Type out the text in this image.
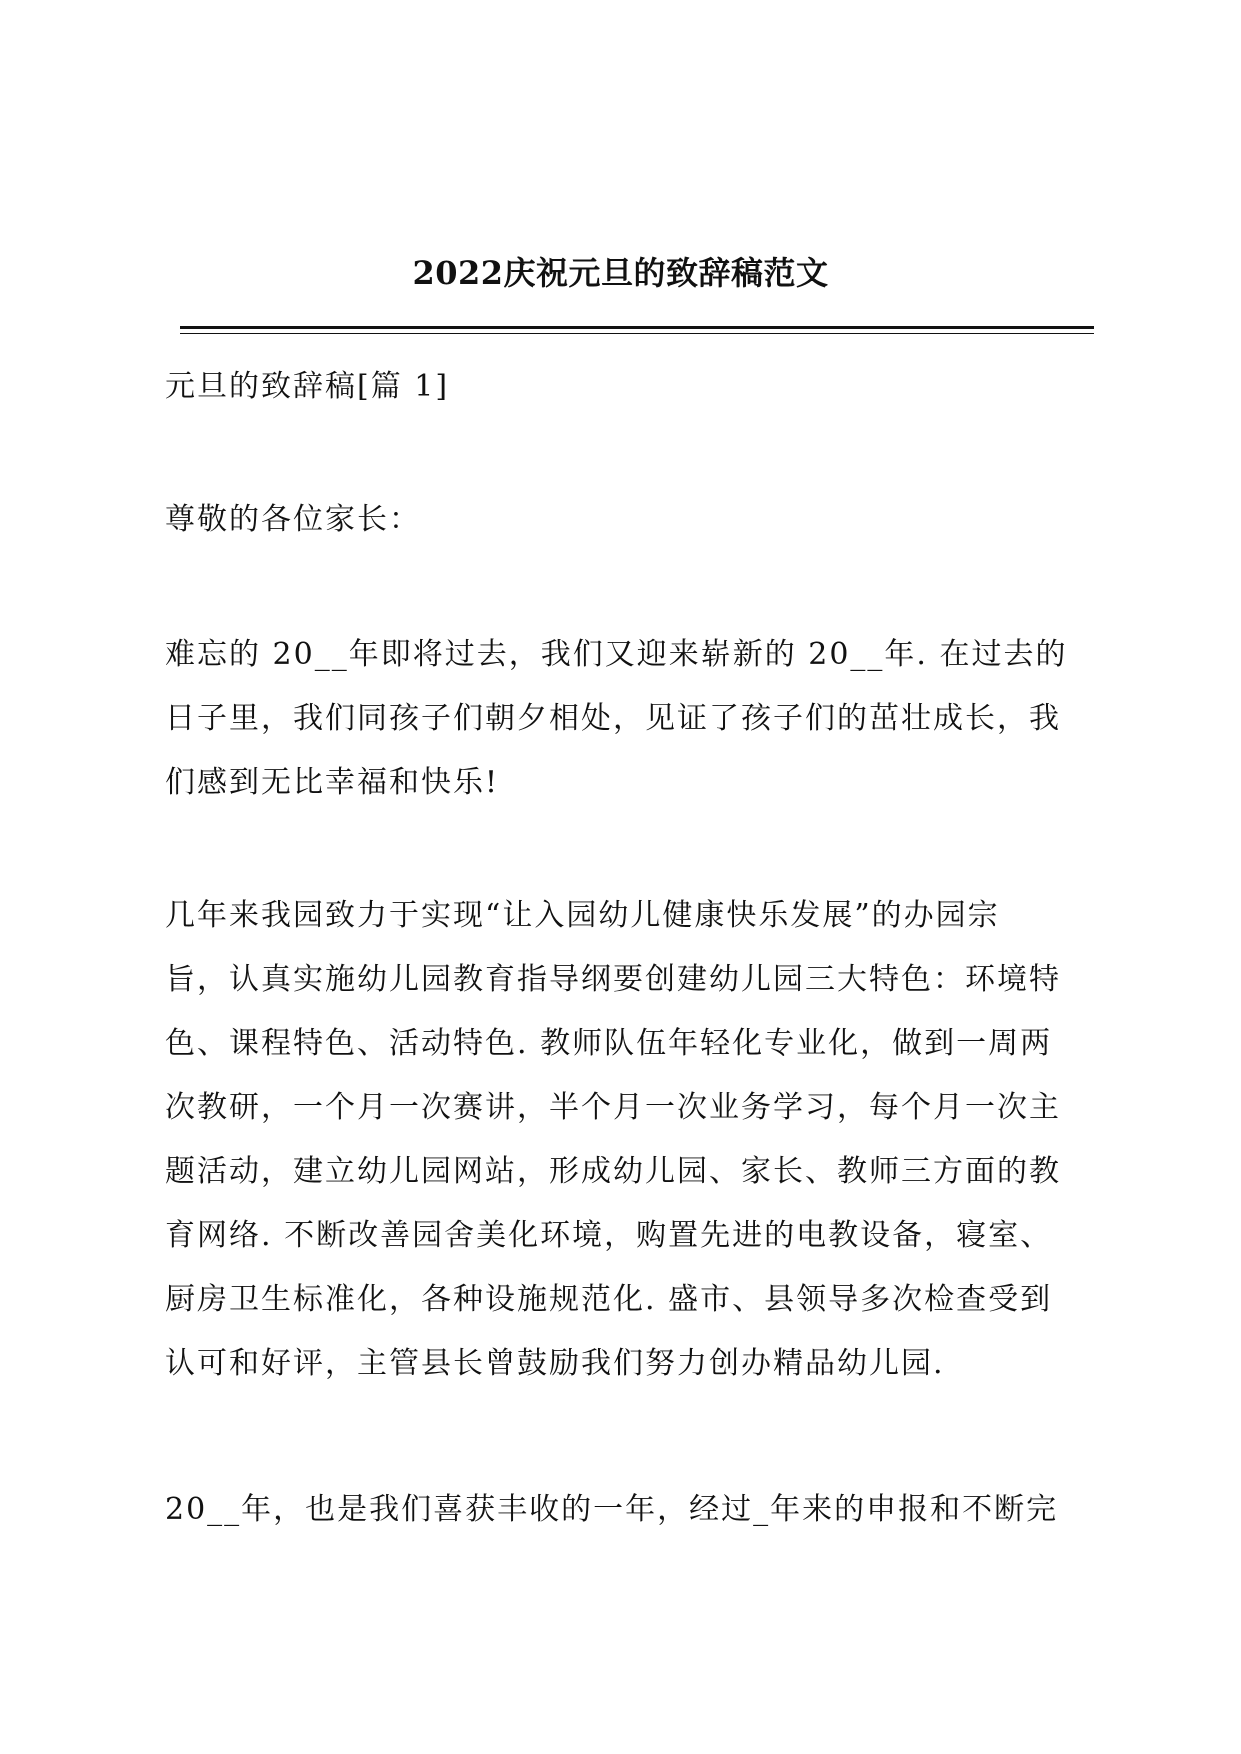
2022庆祝元旦的致辞稿范文

元旦的致辞稿[篇 1]

尊敬的各位家长：

难忘的 20__年即将过去，我们又迎来崭新的 20__年. 在过去的
日子里，我们同孩子们朝夕相处，见证了孩子们的茁壮成长，我
们感到无比幸福和快乐!

几年来我园致力于实现“让入园幼儿健康快乐发展”的办园宗
旨，认真实施幼儿园教育指导纲要创建幼儿园三大特色：环境特
色、课程特色、活动特色. 教师队伍年轻化专业化，做到一周两
次教研，一个月一次赛讲，半个月一次业务学习，每个月一次主
题活动，建立幼儿园网站，形成幼儿园、家长、教师三方面的教
育网络. 不断改善园舍美化环境，购置先进的电教设备，寝室、
厨房卫生标准化，各种设施规范化. 盛市、县领导多次检查受到
认可和好评，主管县长曾鼓励我们努力创办精品幼儿园.

20__年，也是我们喜获丰收的一年，经过_年来的申报和不断完
